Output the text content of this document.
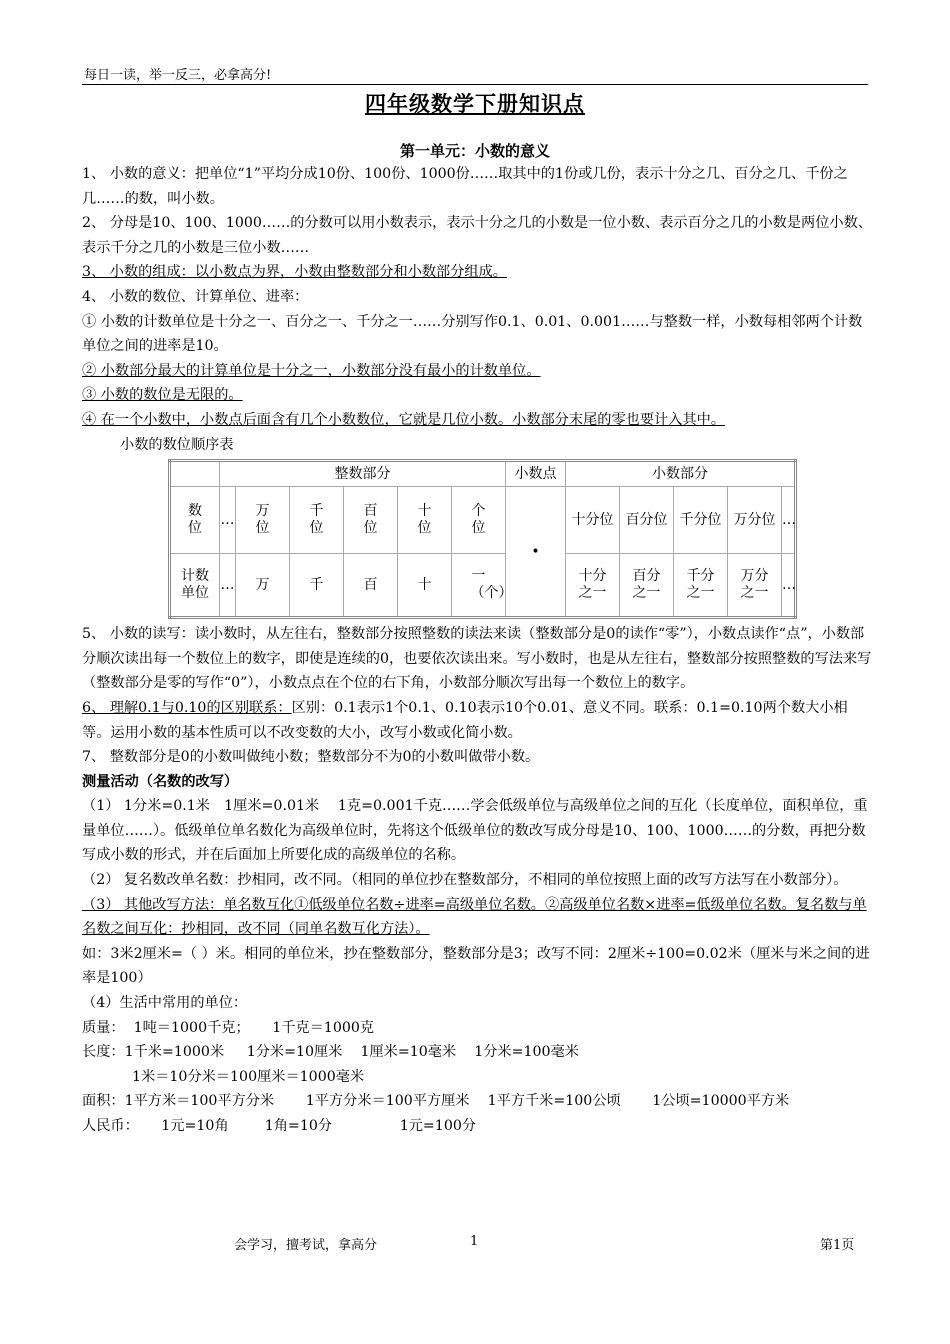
每日一读，举一反三，必拿高分!
四年级数学下册知识点
第一单元：小数的意义

1、 小数的意义：把单位“1”平均分成10份、100份、1000份……取其中的1份或几份，表示十分之几、百分之几、千份之几……的数，叫小数。

2、 分母是10、100、1000……的分数可以用小数表示，表示十分之几的小数是一位小数、表示百分之几的小数是两位小数、表示千分之几的小数是三位小数……

3、 小数的组成：以小数点为界，小数由整数部分和小数部分组成。

4、 小数的数位、计算单位、进率：

① 小数的计数单位是十分之一、百分之一、千分之一……分别写作0.1、0.01、0.001……与整数一样，小数每相邻两个计数单位之间的进率是10。

② 小数部分最大的计算单位是十分之一，小数部分没有最小的计数单位。

③ 小数的数位是无限的。

④ 在一个小数中，小数点后面含有几个小数数位，它就是几位小数。小数部分末尾的零也要计入其中。

小数的数位顺序表

	整数部分						小数点	小数部分				
数位	…	万位	千位	百位	十位	个位	•	十分位	百分位	千分位	万分位	…
计数单位	…	万	千	百	十	一（个）		十分之一	百分之一	千分之一	万分之一	…

5、 小数的读写：读小数时，从左往右，整数部分按照整数的读法来读（整数部分是0的读作“零”），小数点读作“点”，小数部分顺次读出每一个数位上的数字，即使是连续的0，也要依次读出来。写小数时，也是从左往右，整数部分按照整数的写法来写（整数部分是零的写作“0”），小数点点在个位的右下角，小数部分顺次写出每一个数位上的数字。

6、 理解0.1与0.10的区别联系：区别：0.1表示1个0.1、0.10表示10个0.01、意义不同。联系：0.1=0.10两个数大小相等。运用小数的基本性质可以不改变数的大小，改写小数或化简小数。

7、 整数部分是0的小数叫做纯小数；整数部分不为0的小数叫做带小数。

测量活动（名数的改写）

（1） 1分米=0.1米　1厘米=0.01米　 1克=0.001千克……学会低级单位与高级单位之间的互化（长度单位，面积单位，重量单位……）。低级单位单名数化为高级单位时，先将这个低级单位的数改写成分母是10、100、1000……的分数，再把分数写成小数的形式，并在后面加上所要化成的高级单位的名称。

（2） 复名数改单名数：抄相同，改不同。（相同的单位抄在整数部分，不相同的单位按照上面的改写方法写在小数部分）。

（3） 其他改写方法：单名数互化①低级单位名数÷进率=高级单位名数。②高级单位名数×进率=低级单位名数。复名数与单名数之间互化：抄相同，改不同（同单名数互化方法）。

如：3米2厘米=（ ）米。相同的单位米，抄在整数部分，整数部分是3；改写不同：2厘米÷100=0.02米（厘米与米之间的进率是100）

（4）生活中常用的单位：

质量：  1吨＝1000千克；     1千克＝1000克

长度：1千米=1000米     1分米=10厘米    1厘米=10毫米    1分米=100毫米

1米＝10分米＝100厘米＝1000毫米

面积：1平方米＝100平方分米       1平方分米＝100平方厘米    1平方千米=100公顷       1公顷=10000平方米

人民币：     1元=10角        1角=10分               1元=100分

会学习，擅考试，拿高分	1	第1页
